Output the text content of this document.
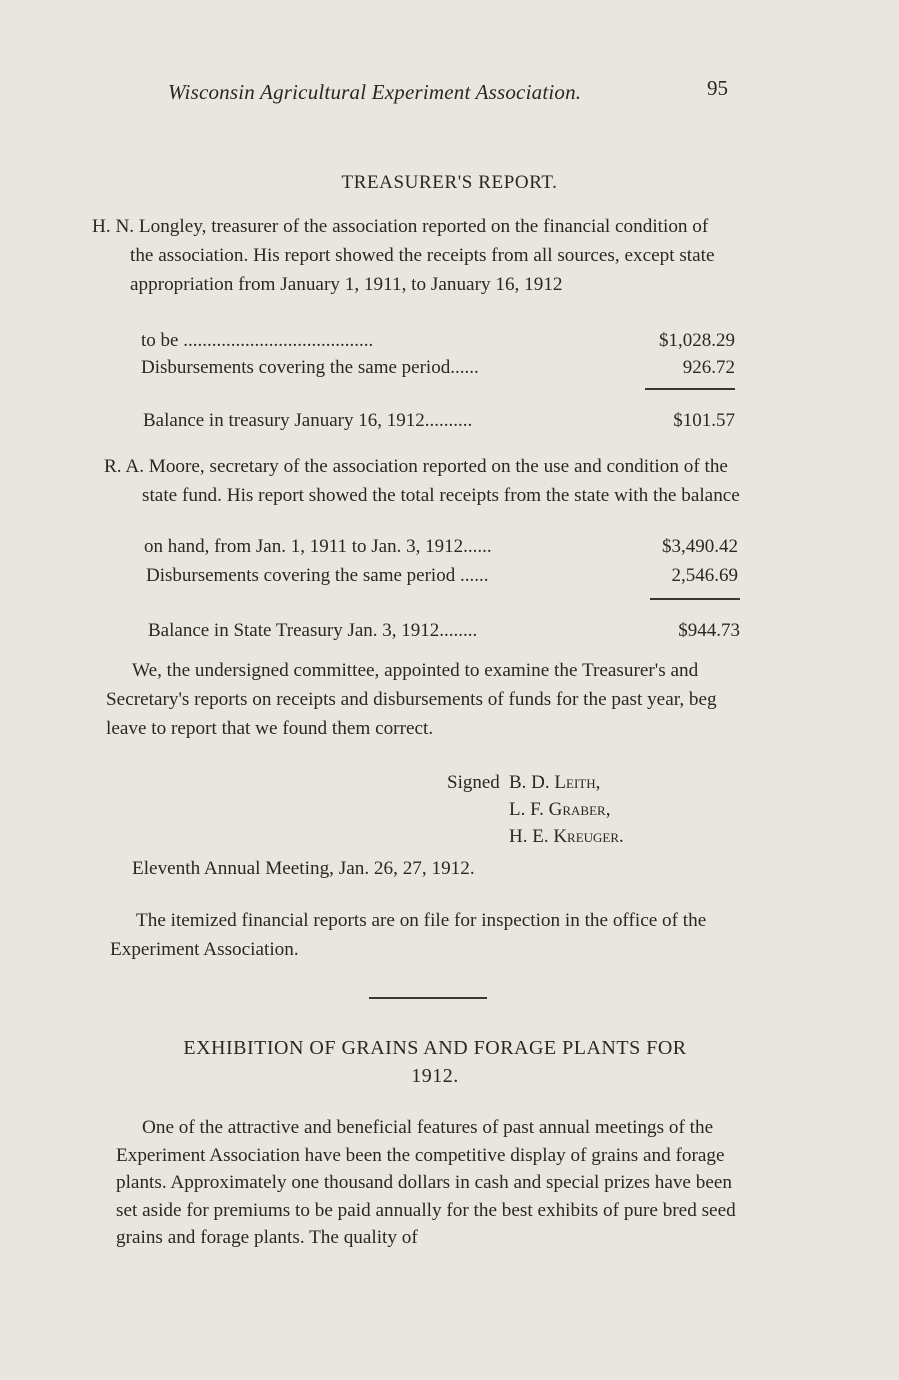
Wisconsin Agricultural Experiment Association.	95
TREASURER'S REPORT.

H. N. Longley, treasurer of the association reported on the financial condition of the association. His report showed the receipts from all sources, except state appropriation from January 1, 1911, to January 16, 1912

to be ........................................	$1,028.29
Disbursements covering the same period......	926.72
Balance in treasury January 16, 1912..........	$101.57

R. A. Moore, secretary of the association reported on the use and condition of the state fund. His report showed the total receipts from the state with the balance

on hand, from Jan. 1, 1911 to Jan. 3, 1912......	$3,490.42
Disbursements covering the same period ......	2,546.69
Balance in State Treasury Jan. 3, 1912........	$944.73

We, the undersigned committee, appointed to examine the Treasurer's and Secretary's reports on receipts and disbursements of funds for the past year, beg leave to report that we found them correct.

Signed B. D. Leith,
L. F. Graber,
H. E. Kreuger.

Eleventh Annual Meeting, Jan. 26, 27, 1912.

The itemized financial reports are on file for inspection in the office of the Experiment Association.

EXHIBITION OF GRAINS AND FORAGE PLANTS FOR
1912.

One of the attractive and beneficial features of past annual meetings of the Experiment Association have been the competitive display of grains and forage plants. Approximately one thousand dollars in cash and special prizes have been set aside for premiums to be paid annually for the best exhibits of pure bred seed grains and forage plants. The quality of
